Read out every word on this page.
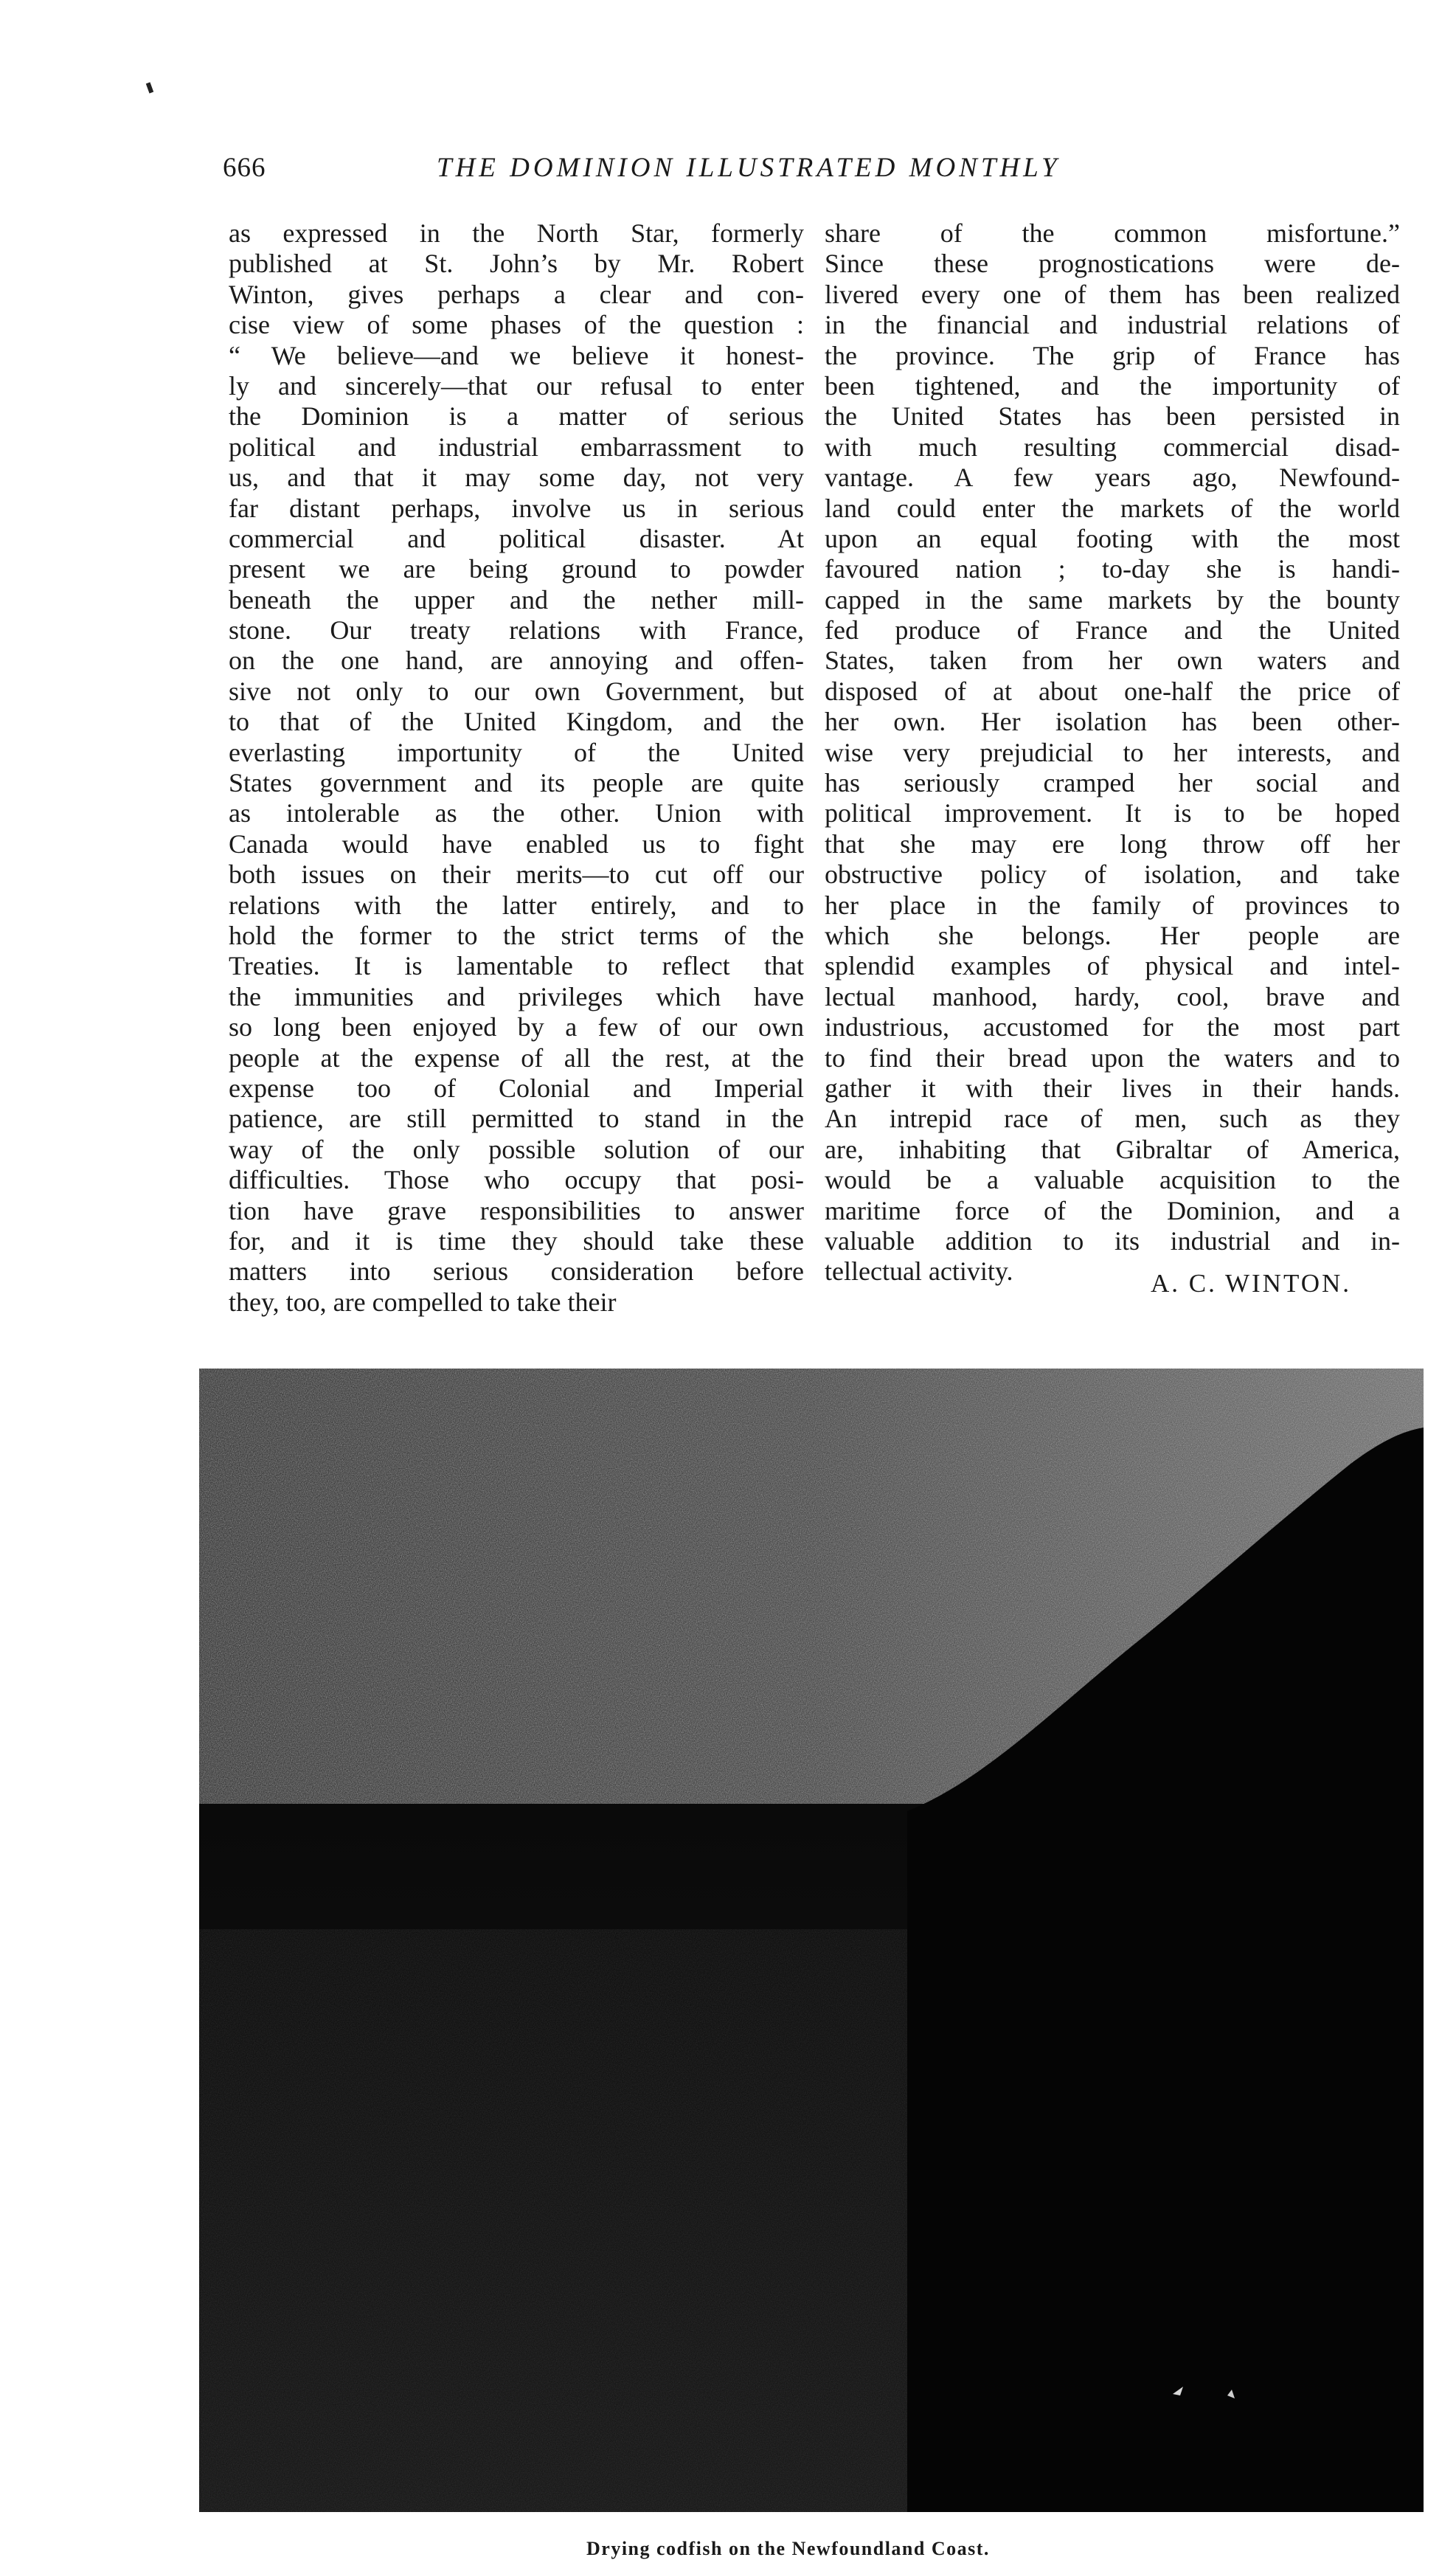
666	THE DOMINION ILLUSTRATED MONTHLY
as expressed in the North Star, formerly
published at St. John’s by Mr. Robert
Winton, gives perhaps a clear and con-
cise view of some phases of the question :
“ We believe—and we believe it honest-
ly and sincerely—that our refusal to enter
the Dominion is a matter of serious
political and industrial embarrassment to
us, and that it may some day, not very
far distant perhaps, involve us in serious
commercial and political disaster. At
present we are being ground to powder
beneath the upper and the nether mill-
stone. Our treaty relations with France,
on the one hand, are annoying and offen-
sive not only to our own Government, but
to that of the United Kingdom, and the
everlasting importunity of the United
States government and its people are quite
as intolerable as the other. Union with
Canada would have enabled us to fight
both issues on their merits—to cut off our
relations with the latter entirely, and to
hold the former to the strict terms of the
Treaties. It is lamentable to reflect that
the immunities and privileges which have
so long been enjoyed by a few of our own
people at the expense of all the rest, at the
expense too of Colonial and Imperial
patience, are still permitted to stand in the
way of the only possible solution of our
difficulties. Those who occupy that posi-
tion have grave responsibilities to answer
for, and it is time they should take these
matters into serious consideration before
they, too, are compelled to take their
share of the common misfortune.”
Since these prognostications were de-
livered every one of them has been realized
in the financial and industrial relations of
the province. The grip of France has
been tightened, and the importunity of
the United States has been persisted in
with much resulting commercial disad-
vantage. A few years ago, Newfound-
land could enter the markets of the world
upon an equal footing with the most
favoured nation ; to-day she is handi-
capped in the same markets by the bounty
fed produce of France and the United
States, taken from her own waters and
disposed of at about one-half the price of
her own. Her isolation has been other-
wise very prejudicial to her interests, and
has seriously cramped her social and
political improvement. It is to be hoped
that she may ere long throw off her
obstructive policy of isolation, and take
her place in the family of provinces to
which she belongs. Her people are
splendid examples of physical and intel-
lectual manhood, hardy, cool, brave and
industrious, accustomed for the most part
to find their bread upon the waters and to
gather it with their lives in their hands.
An intrepid race of men, such as they
are, inhabiting that Gibraltar of America,
would be a valuable acquisition to the
maritime force of the Dominion, and a
valuable addition to its industrial and in-
tellectual activity.	A. C. WINTON.
Drying codfish on the Newfoundland Coast.
